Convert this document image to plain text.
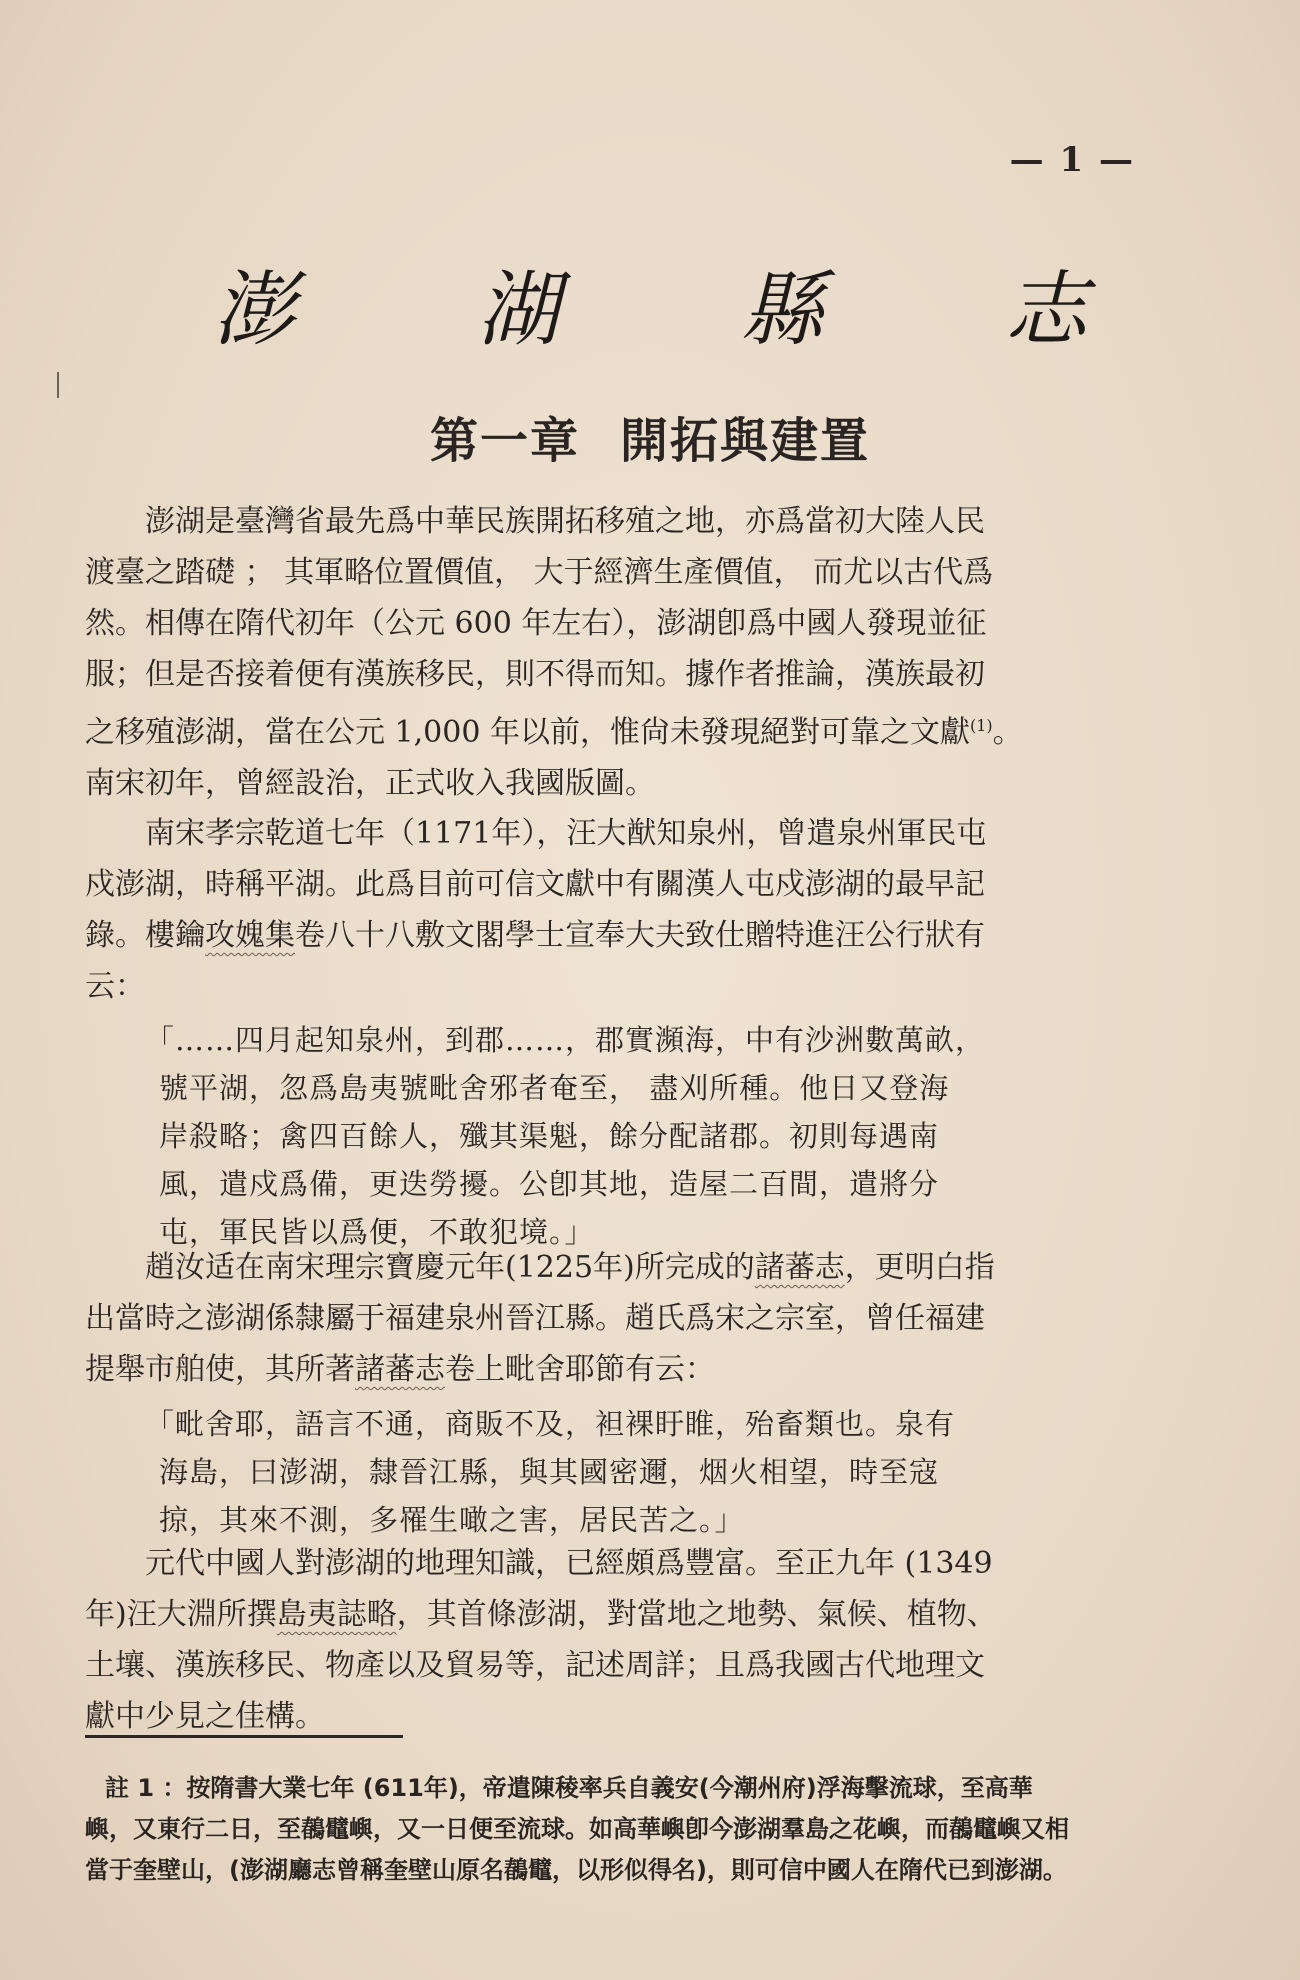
— 1 —
澎 湖 縣 志
第一章 開拓與建置

澎湖是臺灣省最先爲中華民族開拓移殖之地，亦爲當初大陸人民
渡臺之踏礎 ； 其軍略位置價值， 大于經濟生產價值， 而尤以古代爲
然。相傳在隋代初年（公元 600 年左右），澎湖卽爲中國人發現並征
服；但是否接着便有漢族移民，則不得而知。據作者推論，漢族最初
之移殖澎湖，當在公元 1,000 年以前，惟尙未發現絕對可靠之文獻$^{(1)}$。
南宋初年，曾經設治，正式收入我國版圖。

南宋孝宗乾道七年（1171年），汪大猷知泉州，曾遣泉州軍民屯
戍澎湖，時稱平湖。此爲目前可信文獻中有關漢人屯戍澎湖的最早記
錄。樓鑰攻媿集卷八十八敷文閣學士宣奉大夫致仕贈特進汪公行狀有
云：

「……四月起知泉州，到郡……，郡實瀕海，中有沙洲數萬畝，
號平湖，忽爲島夷號毗舍邪者奄至， 盡刈所種。他日又登海
岸殺略；禽四百餘人，殲其渠魁，餘分配諸郡。初則每遇南
風，遣戍爲備，更迭勞擾。公卽其地，造屋二百間，遣將分
屯，軍民皆以爲便，不敢犯境。」

趙汝适在南宋理宗寶慶元年(1225年)所完成的諸蕃志，更明白指
出當時之澎湖係隸屬于福建泉州晉江縣。趙氏爲宋之宗室，曾任福建
提舉市舶使，其所著諸蕃志卷上毗舍耶節有云：

「毗舍耶，語言不通，商販不及，袒裸盱睢，殆畜類也。泉有
海島，曰澎湖，隸晉江縣，與其國密邇，烟火相望，時至寇
掠，其來不測，多罹生噉之害，居民苦之。」

元代中國人對澎湖的地理知識，已經頗爲豐富。至正九年 (1349
年)汪大淵所撰島夷誌略，其首條澎湖，對當地之地勢、氣候、植物、
土壤、漢族移民、物產以及貿易等，記述周詳；且爲我國古代地理文
獻中少見之佳構。

註 1 ：按隋書大業七年 (611年)，帝遣陳稜率兵自義安(今潮州府)浮海擊流球，至高華
嶼，又東行二日，至𪂹鼊嶼，又一日便至流球。如高華嶼卽今澎湖羣島之花嶼，而𪂹鼊嶼又相
當于奎壁山，(澎湖廳志曾稱奎壁山原名𪂹鼊，以形似得名)，則可信中國人在隋代已到澎湖。
